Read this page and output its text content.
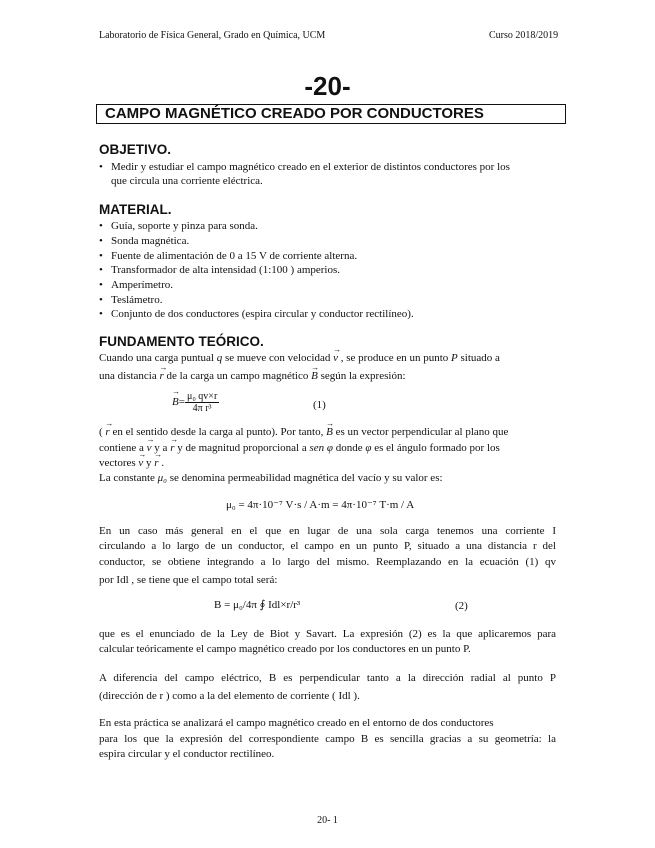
Laboratorio de Física General, Grado en Química, UCM	Curso 2018/2019
-20-
CAMPO MAGNÉTICO CREADO POR CONDUCTORES
OBJETIVO.
• Medir y estudiar el campo magnético creado en el exterior de distintos conductores por los
que circula una corriente eléctrica.
MATERIAL.
• Guía, soporte y pinza para sonda.
• Sonda magnética.
• Fuente de alimentación de 0 a 15 V de corriente alterna.
• Transformador de alta intensidad (1:100 ) amperios.
• Amperímetro.
• Teslámetro.
• Conjunto de dos conductores (espira circular y conductor rectilíneo).
FUNDAMENTO TEÓRICO.
Cuando una carga puntual q se mueve con velocidad → v , se produce en un punto P situado a
una distancia → r de la carga un campo magnético → B según la expresión:
→ $B= \frac{\text{μ₀ qv×r}}{\text{4π r³}}$	(1)
( → r en el sentido desde la carga al punto). Por tanto, → B es un vector perpendicular al plano que
contiene a → v y a → r y de magnitud proporcional a sen φ donde φ es el ángulo formado por los
vectores → v y → r .
La constante μ₀ se denomina permeabilidad magnética del vacío y su valor es:
μ₀ = 4π·10⁻⁷ V·s / A·m = 4π·10⁻⁷ T·m / A
En un caso más general en el que en lugar de una sola carga tenemos una corriente I
circulando a lo largo de un conductor, el campo en un punto P, situado a una distancia r del
conductor, se obtiene integrando a lo largo del mismo. Reemplazando en la ecuación (1) qv
por Idl , se tiene que el campo total será:
B = μ₀/4π ∮ Idl×r/r³	(2)
que es el enunciado de la Ley de Biot y Savart. La expresión (2) es la que aplicaremos para
calcular teóricamente el campo magnético creado por los conductores en un punto P.
A diferencia del campo eléctrico, B es perpendicular tanto a la dirección radial al punto P
(dirección de r ) como a la del elemento de corriente ( Idl ).
En esta práctica se analizará el campo magnético creado en el entorno de dos conductores
para los que la expresión del correspondiente campo B es sencilla gracias a su geometría: la
espira circular y el conductor rectilíneo.
20- 1
